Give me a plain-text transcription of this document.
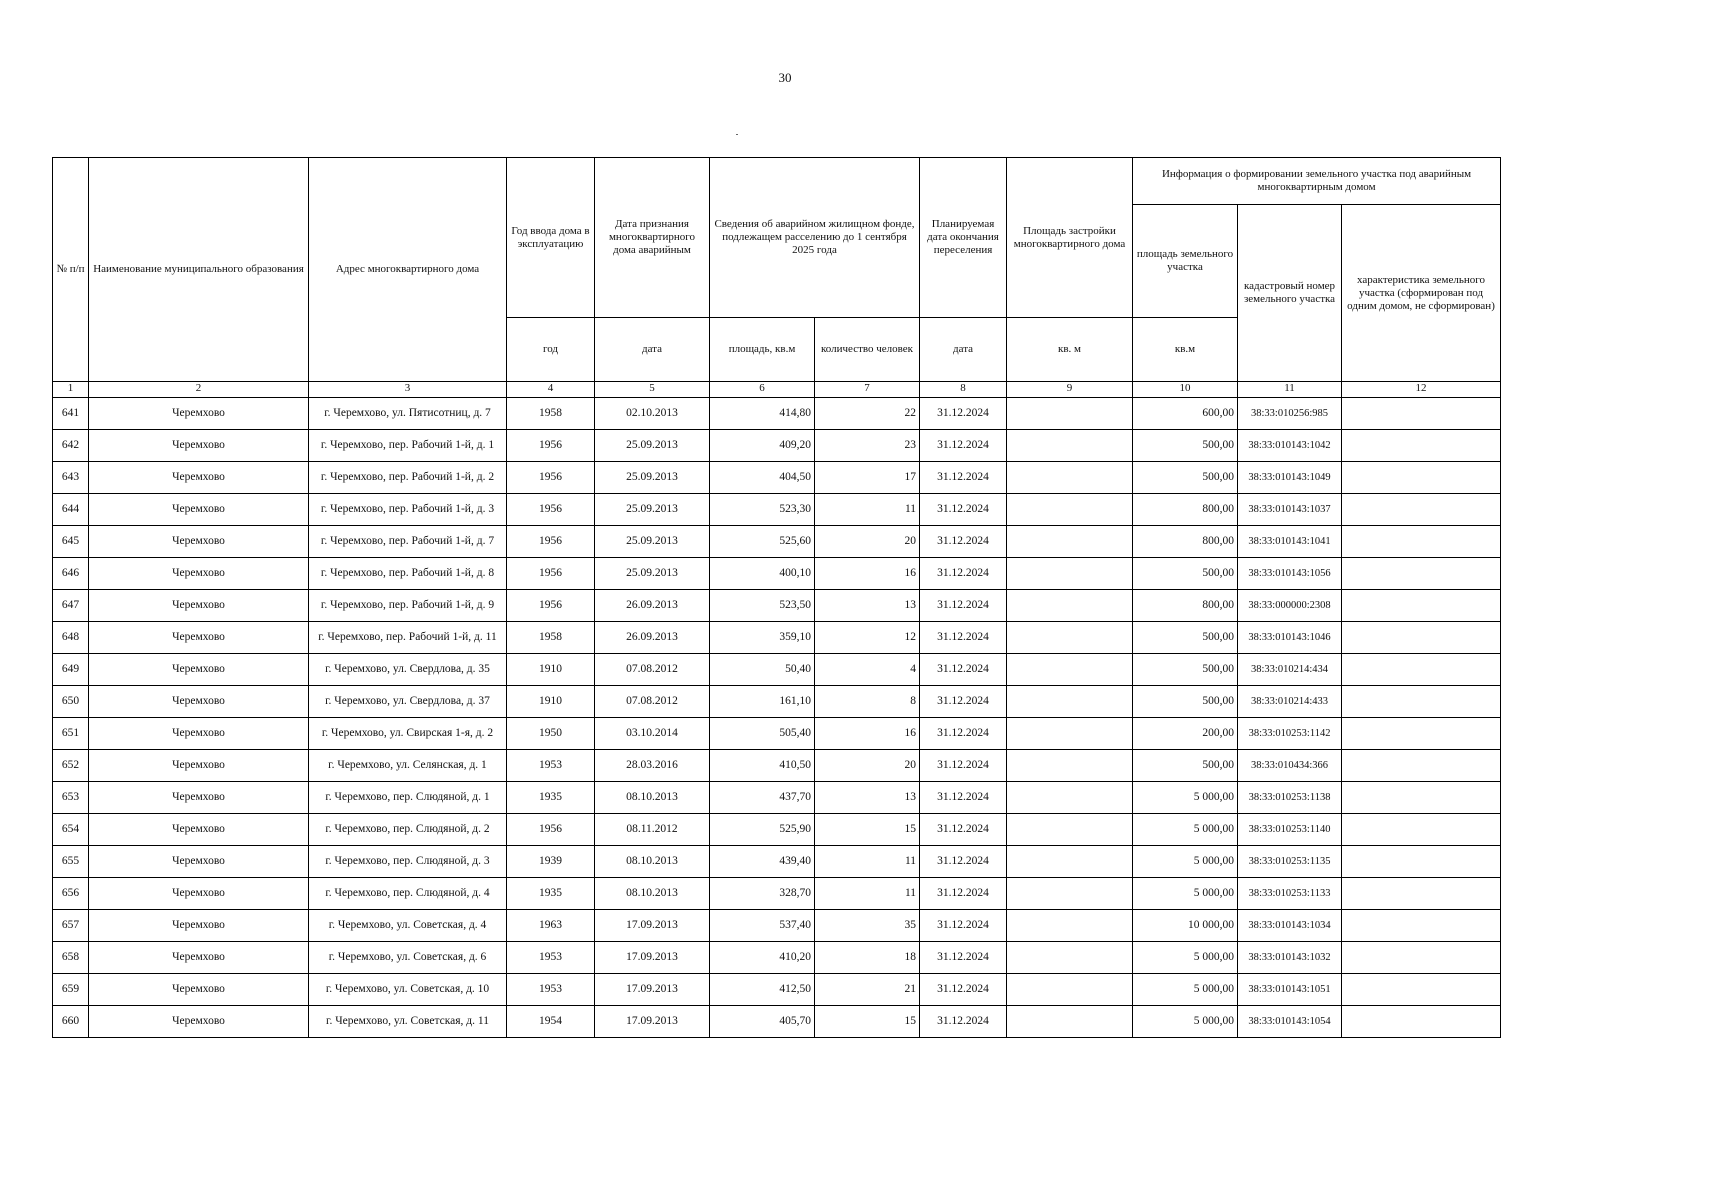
30
№ п/п	Наименование муниципального образования	Адрес многоквартирного дома	Год ввода дома в эксплуатацию	Дата признания многоквартирного дома аварийным	Сведения об аварийном жилищном фонде, подлежащем расселению до 1 сентября 2025 года		Планируемая дата окончания переселения	Площадь застройки многоквартирного дома	Информация о формировании земельного участка под аварийным многоквартирным домом		
									площадь земельного участка	кадастровый номер земельного участка	характеристика земельного участка (сформирован под одним домом, не сформирован)
			год	дата	площадь, кв.м	количество человек	дата	кв. м	кв.м		
1	2	3	4	5	6	7	8	9	10	11	12
641	Черемхово	г. Черемхово, ул. Пятисотниц, д. 7	1958	02.10.2013	414,80	22	31.12.2024		600,00	38:33:010256:985	
642	Черемхово	г. Черемхово, пер. Рабочий 1-й, д. 1	1956	25.09.2013	409,20	23	31.12.2024		500,00	38:33:010143:1042	
643	Черемхово	г. Черемхово, пер. Рабочий 1-й, д. 2	1956	25.09.2013	404,50	17	31.12.2024		500,00	38:33:010143:1049	
644	Черемхово	г. Черемхово, пер. Рабочий 1-й, д. 3	1956	25.09.2013	523,30	11	31.12.2024		800,00	38:33:010143:1037	
645	Черемхово	г. Черемхово, пер. Рабочий 1-й, д. 7	1956	25.09.2013	525,60	20	31.12.2024		800,00	38:33:010143:1041	
646	Черемхово	г. Черемхово, пер. Рабочий 1-й, д. 8	1956	25.09.2013	400,10	16	31.12.2024		500,00	38:33:010143:1056	
647	Черемхово	г. Черемхово, пер. Рабочий 1-й, д. 9	1956	26.09.2013	523,50	13	31.12.2024		800,00	38:33:000000:2308	
648	Черемхово	г. Черемхово, пер. Рабочий 1-й, д. 11	1958	26.09.2013	359,10	12	31.12.2024		500,00	38:33:010143:1046	
649	Черемхово	г. Черемхово, ул. Свердлова, д. 35	1910	07.08.2012	50,40	4	31.12.2024		500,00	38:33:010214:434	
650	Черемхово	г. Черемхово, ул. Свердлова, д. 37	1910	07.08.2012	161,10	8	31.12.2024		500,00	38:33:010214:433	
651	Черемхово	г. Черемхово, ул. Свирская 1-я, д. 2	1950	03.10.2014	505,40	16	31.12.2024		200,00	38:33:010253:1142	
652	Черемхово	г. Черемхово, ул. Селянская, д. 1	1953	28.03.2016	410,50	20	31.12.2024		500,00	38:33:010434:366	
653	Черемхово	г. Черемхово, пер. Слюдяной, д. 1	1935	08.10.2013	437,70	13	31.12.2024		5 000,00	38:33:010253:1138	
654	Черемхово	г. Черемхово, пер. Слюдяной, д. 2	1956	08.11.2012	525,90	15	31.12.2024		5 000,00	38:33:010253:1140	
655	Черемхово	г. Черемхово, пер. Слюдяной, д. 3	1939	08.10.2013	439,40	11	31.12.2024		5 000,00	38:33:010253:1135	
656	Черемхово	г. Черемхово, пер. Слюдяной, д. 4	1935	08.10.2013	328,70	11	31.12.2024		5 000,00	38:33:010253:1133	
657	Черемхово	г. Черемхово, ул. Советская, д. 4	1963	17.09.2013	537,40	35	31.12.2024		10 000,00	38:33:010143:1034	
658	Черемхово	г. Черемхово, ул. Советская, д. 6	1953	17.09.2013	410,20	18	31.12.2024		5 000,00	38:33:010143:1032	
659	Черемхово	г. Черемхово, ул. Советская, д. 10	1953	17.09.2013	412,50	21	31.12.2024		5 000,00	38:33:010143:1051	
660	Черемхово	г. Черемхово, ул. Советская, д. 11	1954	17.09.2013	405,70	15	31.12.2024		5 000,00	38:33:010143:1054	
